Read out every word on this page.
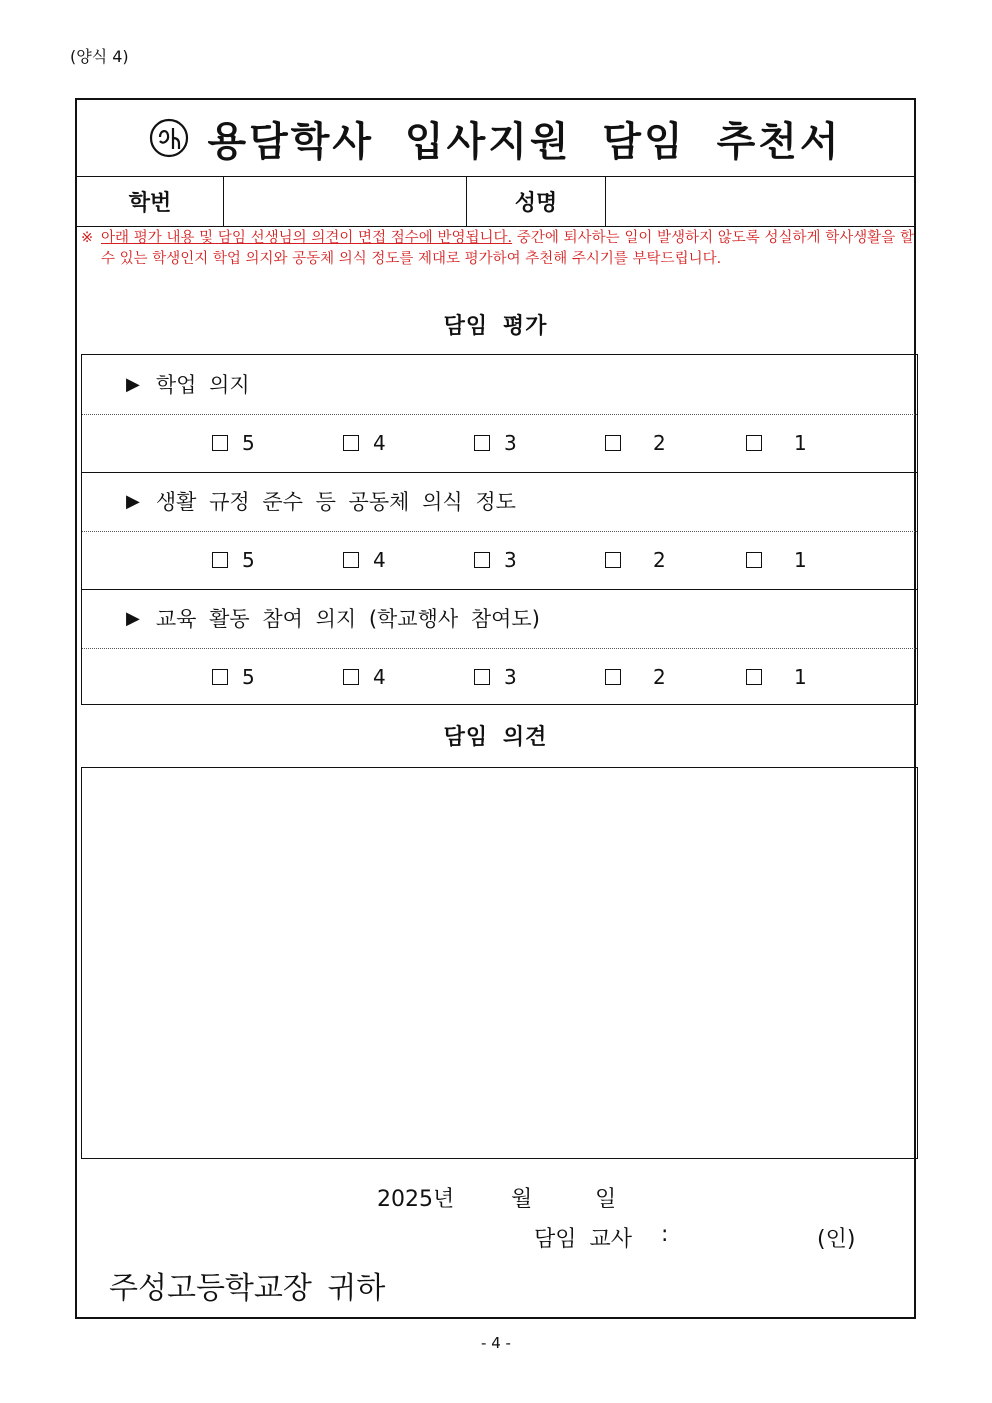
(양식 4)
용담학사 입사지원 담임 추천서
학번	성명
※ 아래 평가 내용 및 담임 선생님의 의견이 면접 점수에 반영됩니다. 중간에 퇴사하는 일이 발생하지 않도록 성실하게 학사생활을 할 수 있는 학생인지 학업 의지와 공동체 의식 정도를 제대로 평가하여 추천해 주시기를 부탁드립니다.
담임 평가
▶ 학업 의지
5	4	3	2	1
▶ 생활 규정 준수 등 공동체 의식 정도
5	4	3	2	1
▶ 교육 활동 참여 의지 (학교행사 참여도)
5	4	3	2	1
담임 의견
2025년	월	일
담임 교사 :	(인)
주성고등학교장 귀하
- 4 -
